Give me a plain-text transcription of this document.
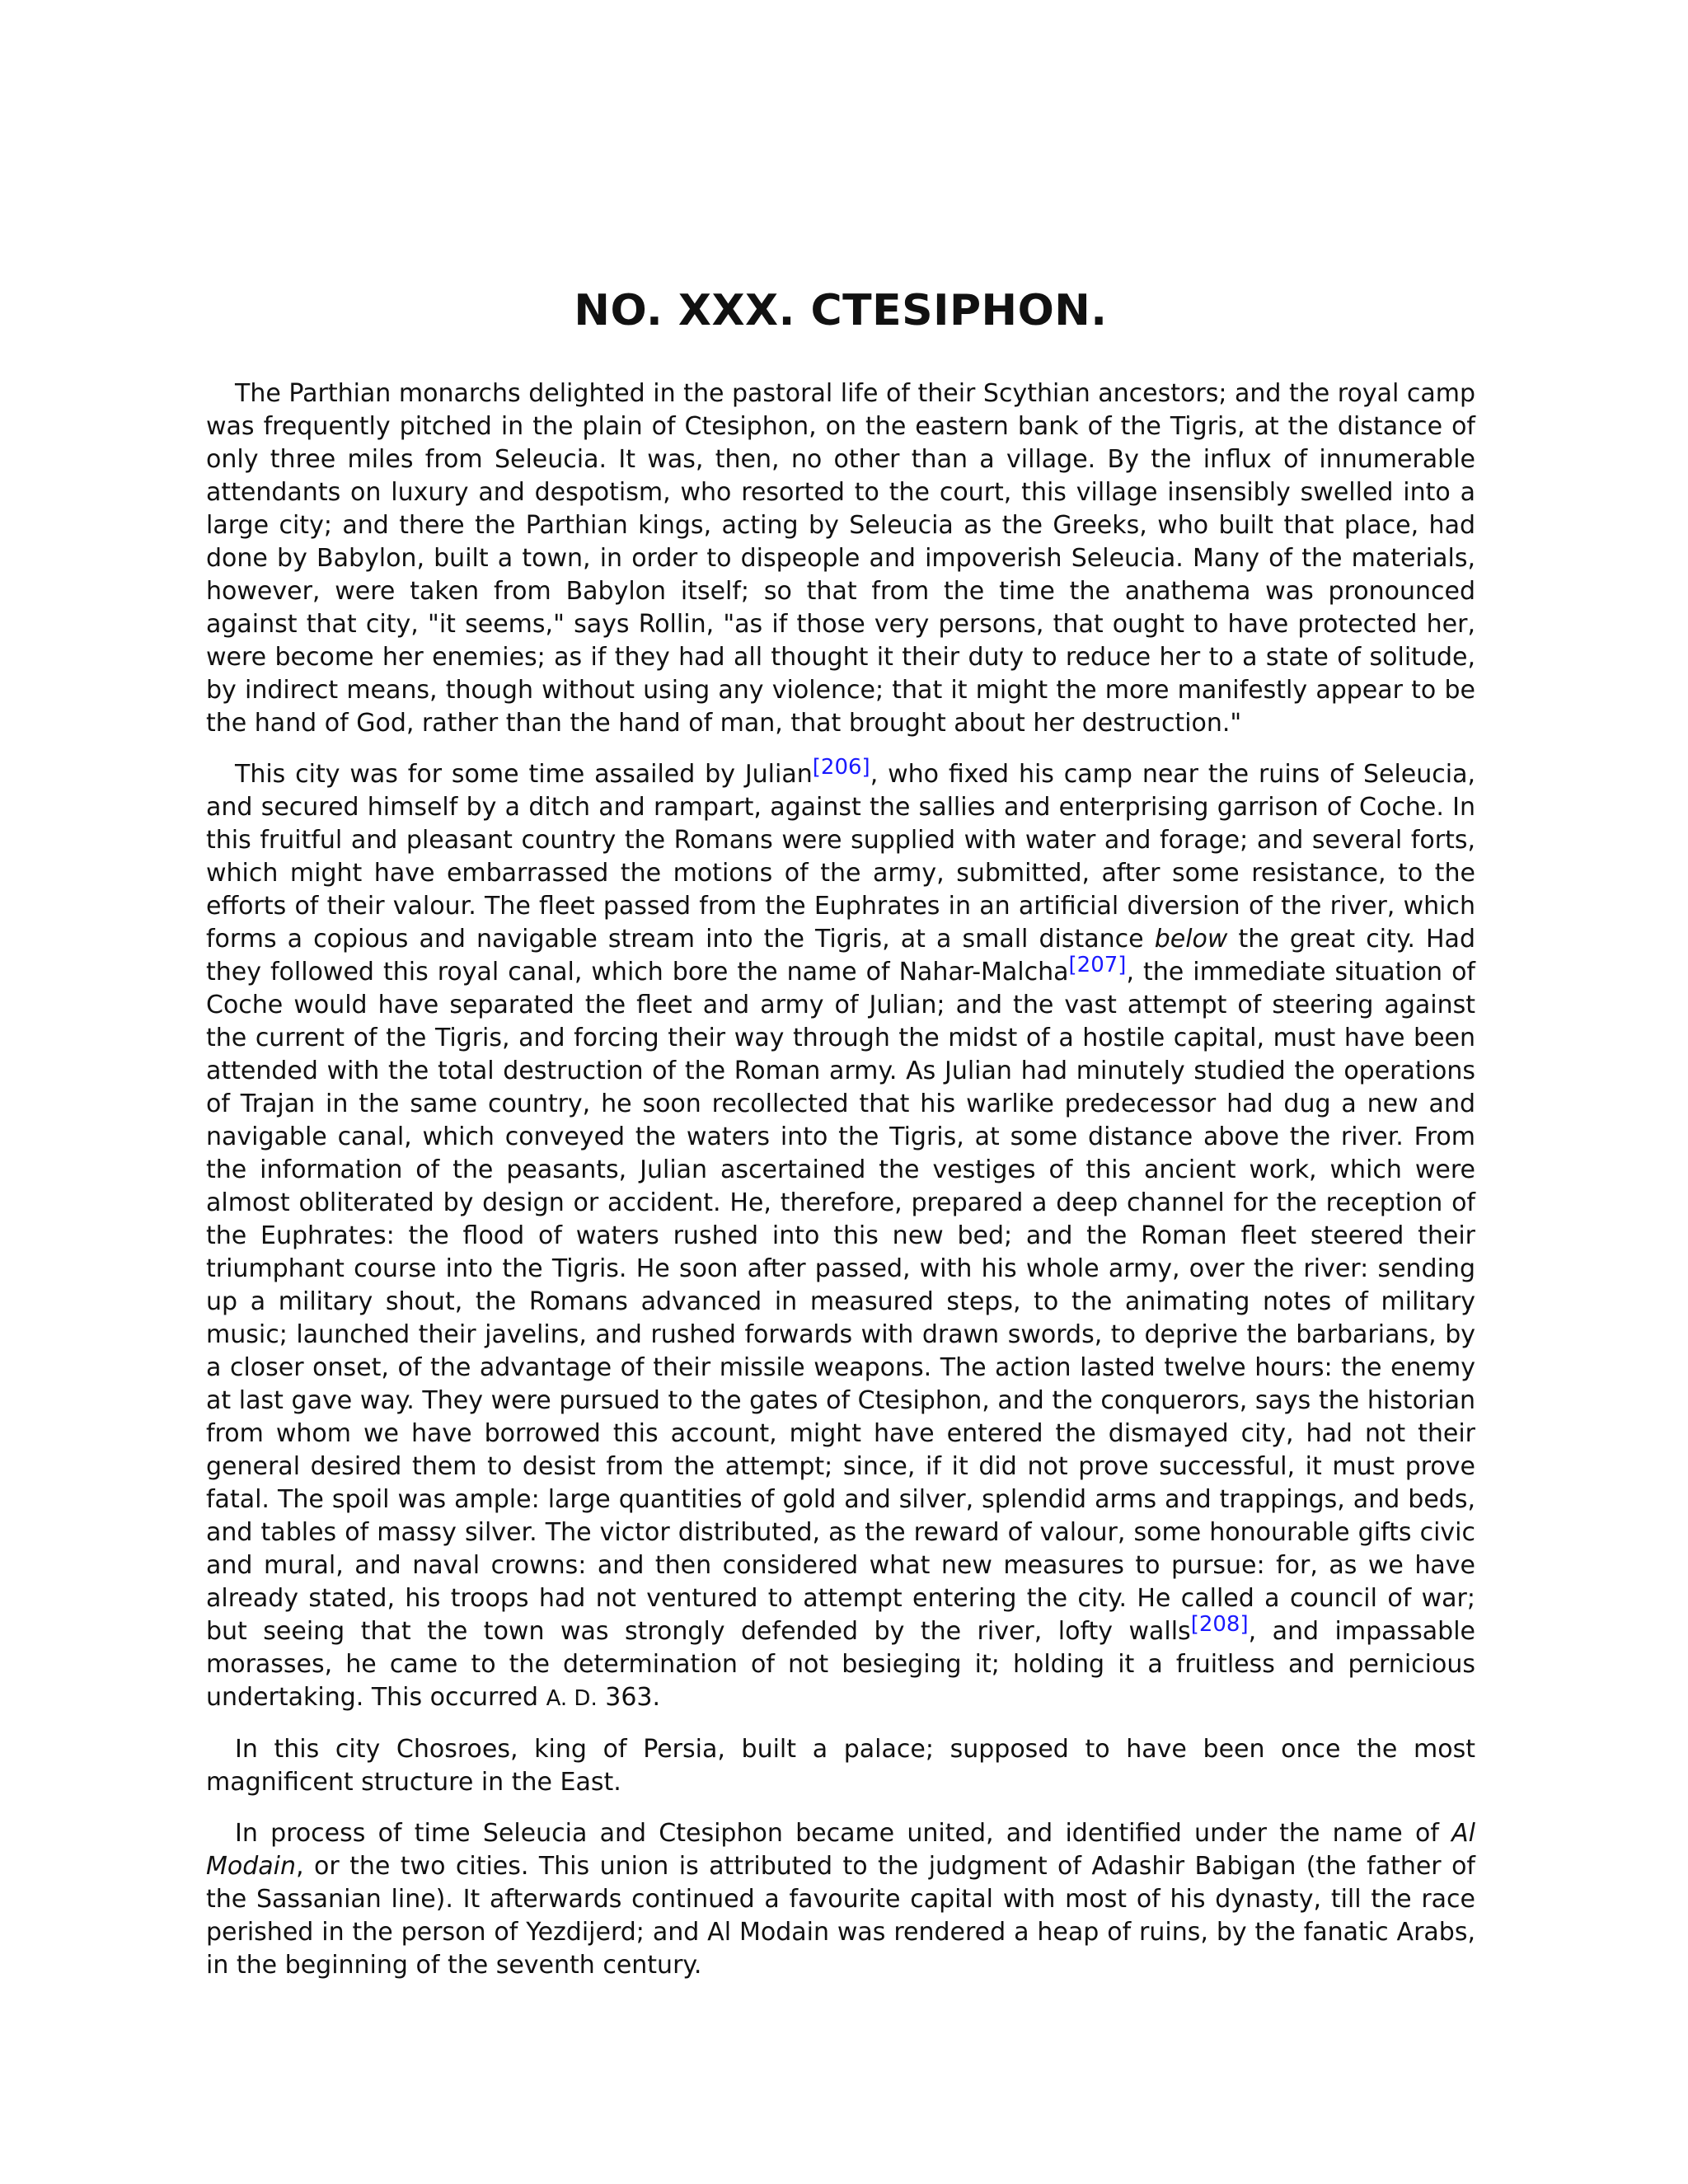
NO. XXX. CTESIPHON.

The Parthian monarchs delighted in the pastoral life of their Scythian ancestors; and the royal camp was frequently pitched in the plain of Ctesiphon, on the eastern bank of the Tigris, at the distance of only three miles from Seleucia. It was, then, no other than a village. By the influx of innumerable attendants on luxury and despotism, who resorted to the court, this village insensibly swelled into a large city; and there the Parthian kings, acting by Seleucia as the Greeks, who built that place, had done by Babylon, built a town, in order to dispeople and impoverish Seleucia. Many of the materials, however, were taken from Babylon itself; so that from the time the anathema was pronounced against that city, "it seems," says Rollin, "as if those very persons, that ought to have protected her, were become her enemies; as if they had all thought it their duty to reduce her to a state of solitude, by indirect means, though without using any violence; that it might the more manifestly appear to be the hand of God, rather than the hand of man, that brought about her destruction."

This city was for some time assailed by Julian[206], who fixed his camp near the ruins of Seleucia, and secured himself by a ditch and rampart, against the sallies and enterprising garrison of Coche. In this fruitful and pleasant country the Romans were supplied with water and forage; and several forts, which might have embarrassed the motions of the army, submitted, after some resistance, to the efforts of their valour. The fleet passed from the Euphrates in an artificial diversion of the river, which forms a copious and navigable stream into the Tigris, at a small distance below the great city. Had they followed this royal canal, which bore the name of Nahar-Malcha[207], the immediate situation of Coche would have separated the fleet and army of Julian; and the vast attempt of steering against the current of the Tigris, and forcing their way through the midst of a hostile capital, must have been attended with the total destruction of the Roman army. As Julian had minutely studied the operations of Trajan in the same country, he soon recollected that his warlike predecessor had dug a new and navigable canal, which conveyed the waters into the Tigris, at some distance above the river. From the information of the peasants, Julian ascertained the vestiges of this ancient work, which were almost obliterated by design or accident. He, therefore, prepared a deep channel for the reception of the Euphrates: the flood of waters rushed into this new bed; and the Roman fleet steered their triumphant course into the Tigris. He soon after passed, with his whole army, over the river: sending up a military shout, the Romans advanced in measured steps, to the animating notes of military music; launched their javelins, and rushed forwards with drawn swords, to deprive the barbarians, by a closer onset, of the advantage of their missile weapons. The action lasted twelve hours: the enemy at last gave way. They were pursued to the gates of Ctesiphon, and the conquerors, says the historian from whom we have borrowed this account, might have entered the dismayed city, had not their general desired them to desist from the attempt; since, if it did not prove successful, it must prove fatal. The spoil was ample: large quantities of gold and silver, splendid arms and trappings, and beds, and tables of massy silver. The victor distributed, as the reward of valour, some honourable gifts civic and mural, and naval crowns: and then considered what new measures to pursue: for, as we have already stated, his troops had not ventured to attempt entering the city. He called a council of war; but seeing that the town was strongly defended by the river, lofty walls[208], and impassable morasses, he came to the determination of not besieging it; holding it a fruitless and pernicious undertaking. This occurred A. D. 363.

In this city Chosroes, king of Persia, built a palace; supposed to have been once the most magnificent structure in the East.

In process of time Seleucia and Ctesiphon became united, and identified under the name of Al Modain, or the two cities. This union is attributed to the judgment of Adashir Babigan (the father of the Sassanian line). It afterwards continued a favourite capital with most of his dynasty, till the race perished in the person of Yezdijerd; and Al Modain was rendered a heap of ruins, by the fanatic Arabs, in the beginning of the seventh century.
